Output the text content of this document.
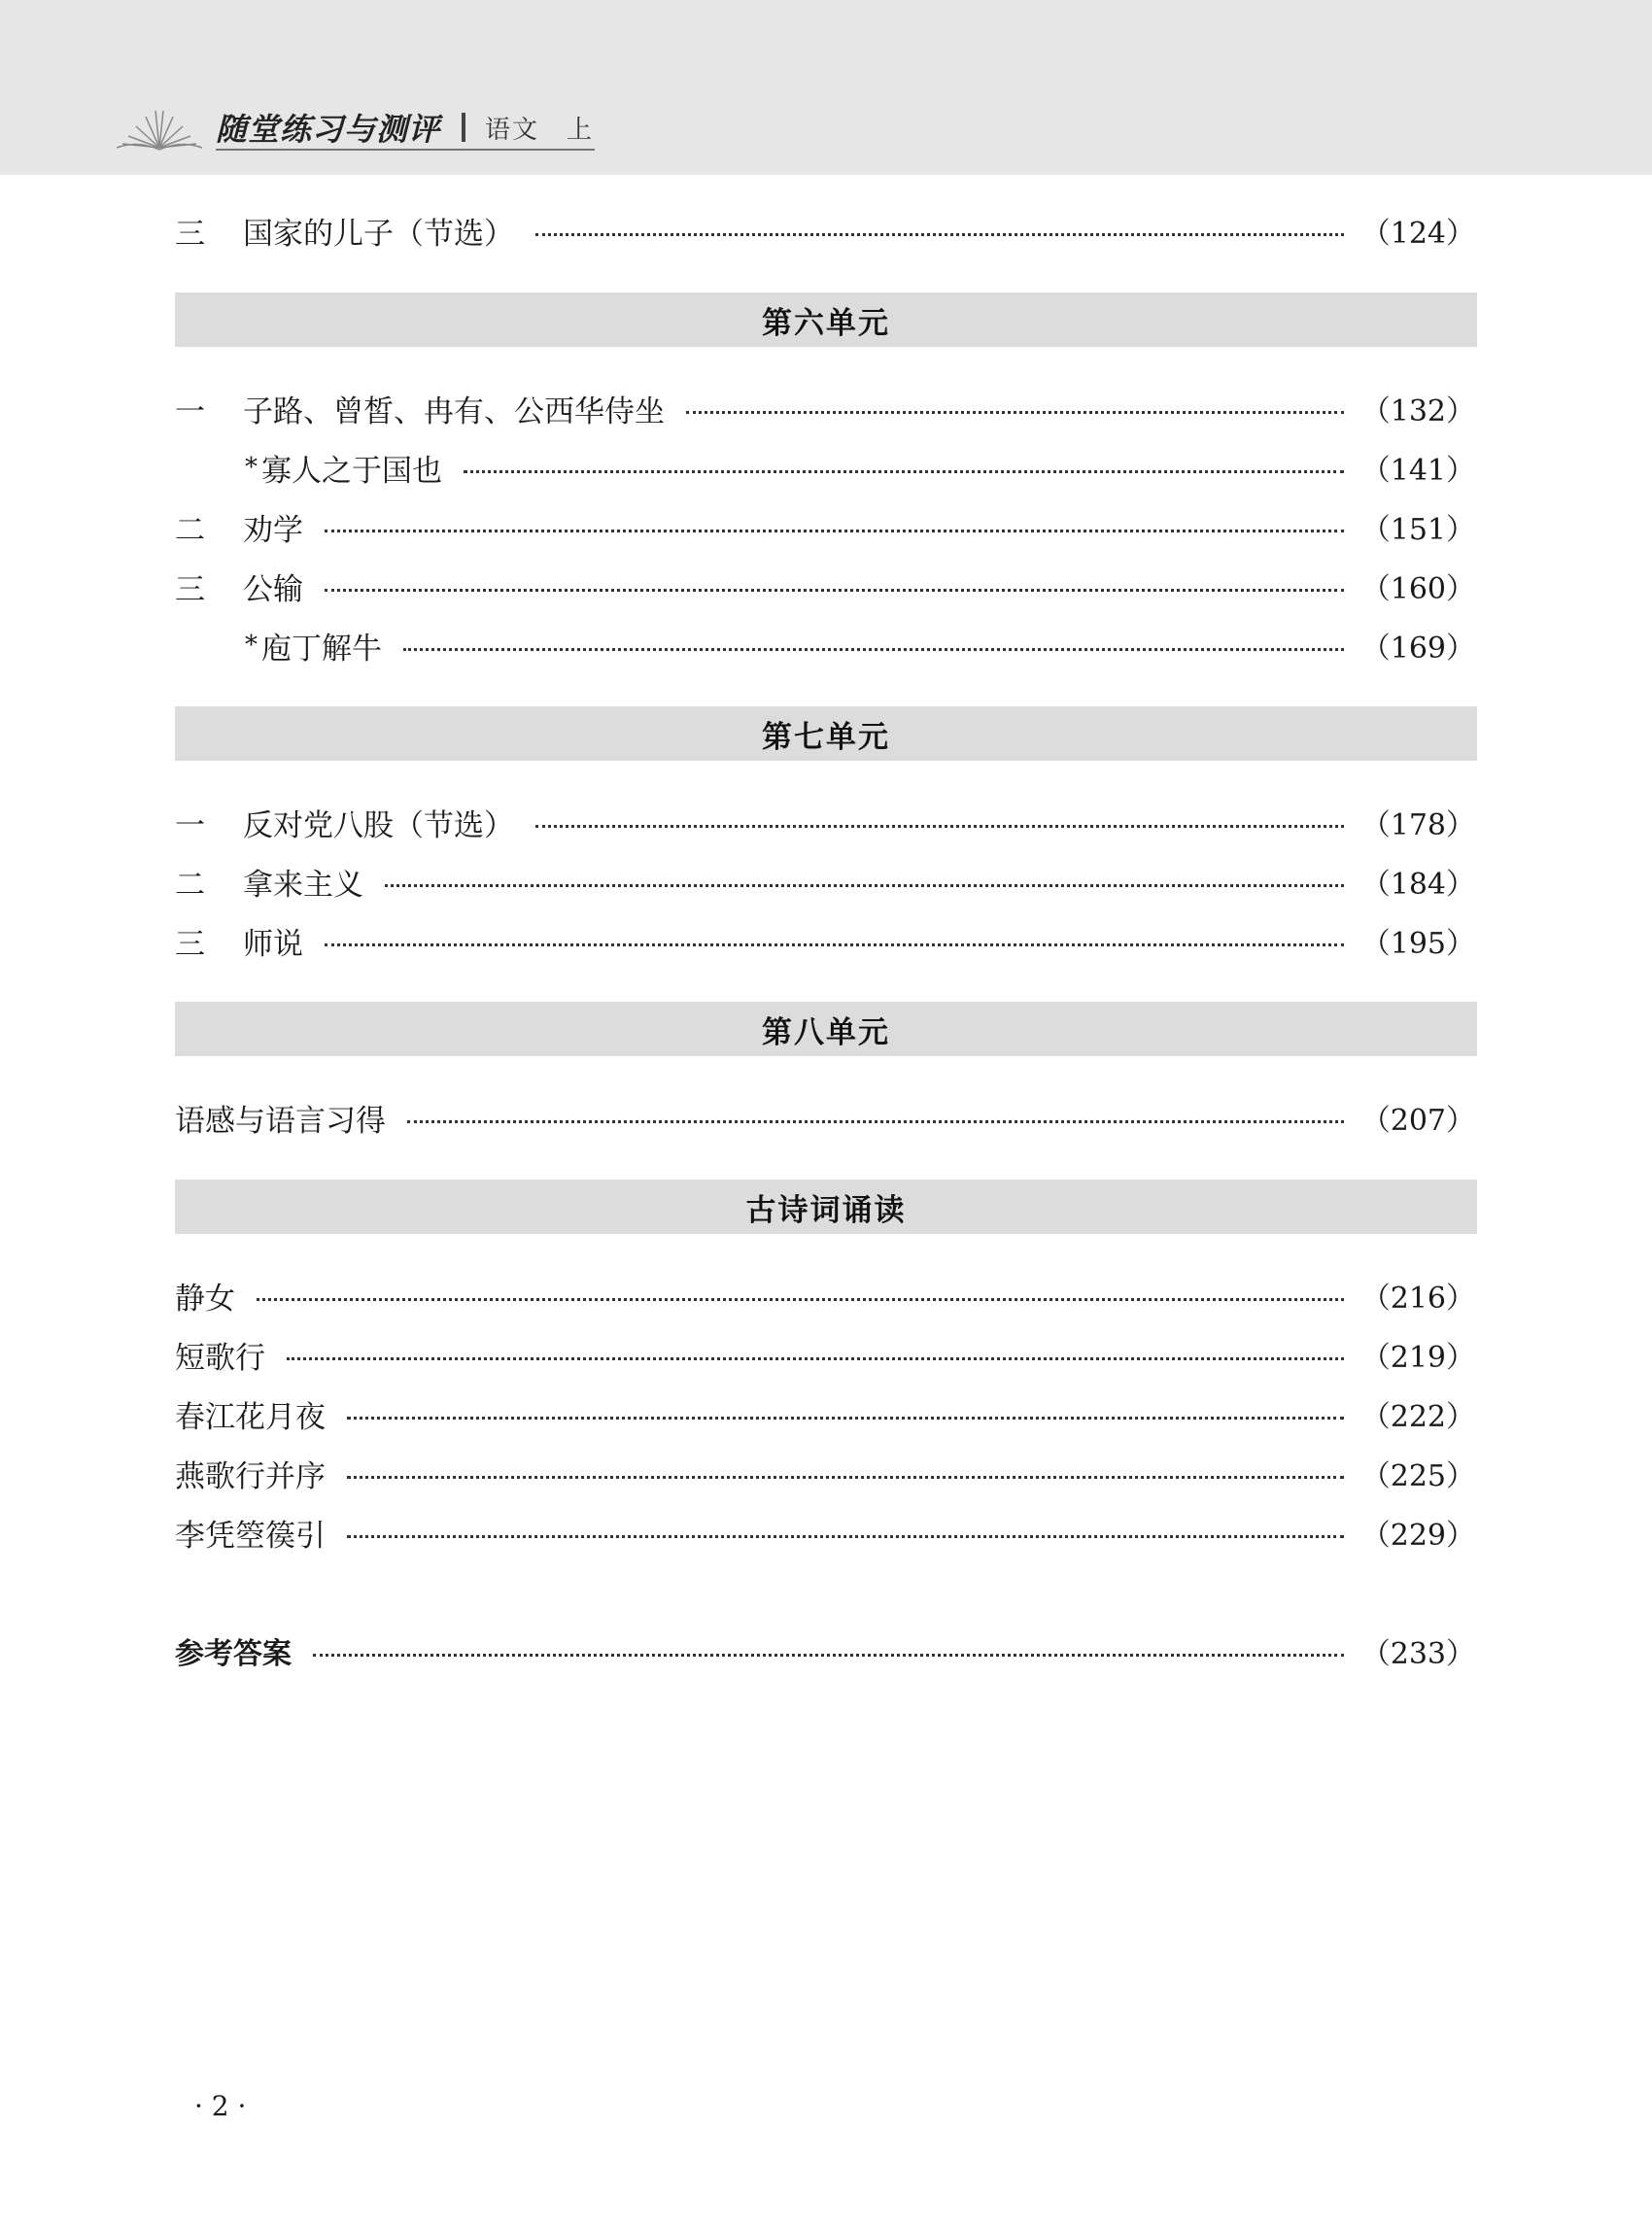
随堂练习与测评 语文 上
三	国家的儿子（节选）	（124）
第六单元
一	子路、曾皙、冉有、公西华侍坐	（132）
* 寡人之于国也	（141）
二	劝学	（151）
三	公输	（160）
* 庖丁解牛	（169）
第七单元
一	反对党八股（节选）	（178）
二	拿来主义	（184）
三	师说	（195）
第八单元
语感与语言习得	（207）
古诗词诵读
静女	（216）
短歌行	（219）
春江花月夜	（222）
燕歌行并序	（225）
李凭箜篌引	（229）
参考答案	（233）
· 2 ·
